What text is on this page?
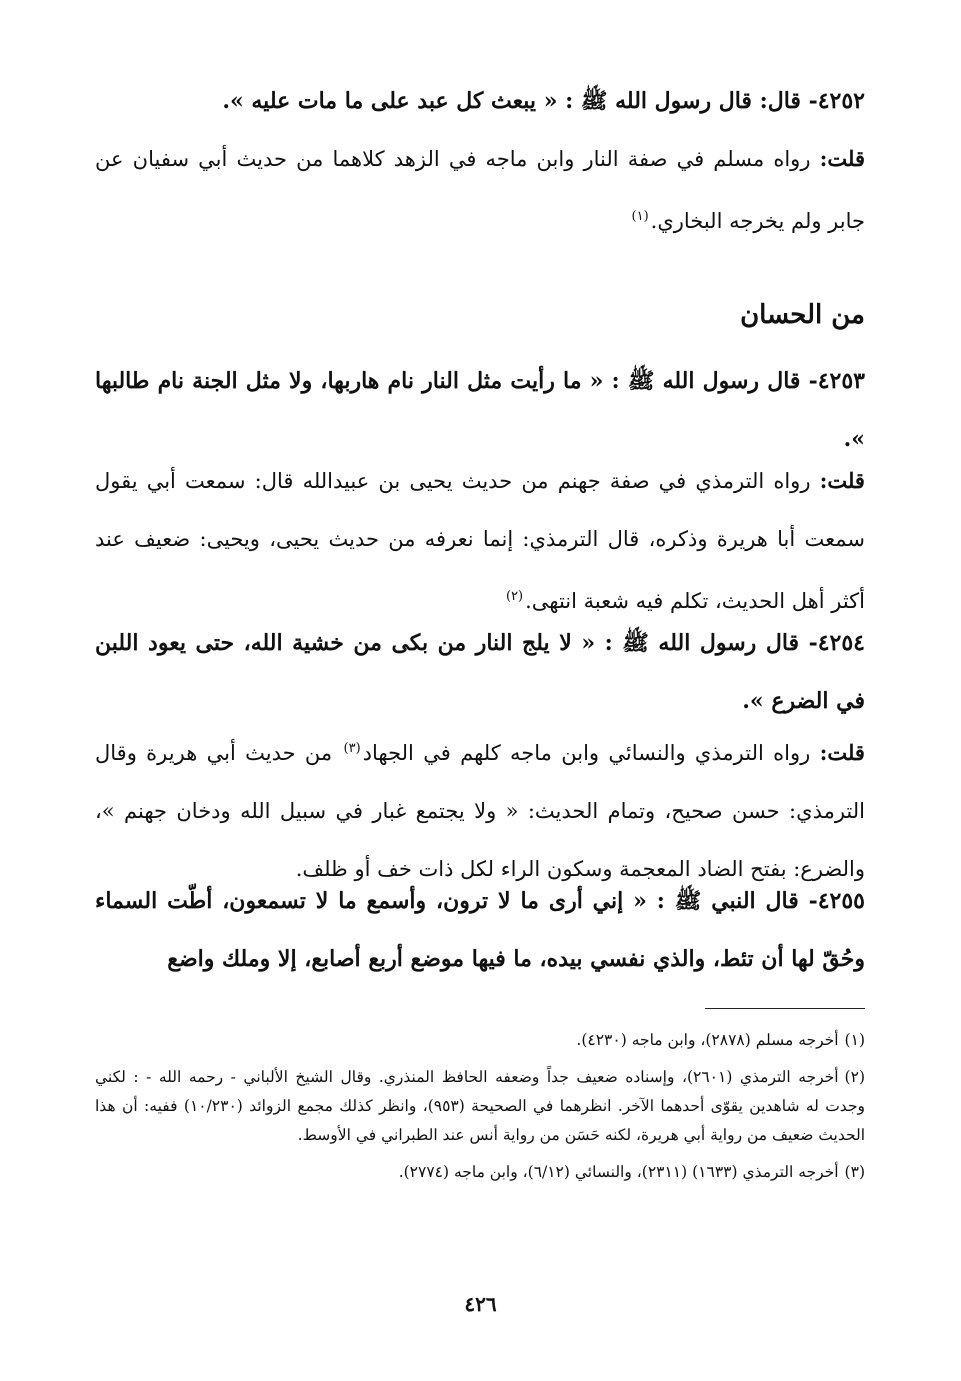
٤٢٥٢- قال: قال رسول الله ﷺ : « يبعث كل عبد على ما مات عليه ».
قلت: رواه مسلم في صفة النار وابن ماجه في الزهد كلاهما من حديث أبي سفيان عن جابر ولم يخرجه البخاري.$^{(١)}$
من الحسان
٤٢٥٣- قال رسول الله ﷺ : « ما رأيت مثل النار نام هاربها، ولا مثل الجنة نام طالبها ».
قلت: رواه الترمذي في صفة جهنم من حديث يحيى بن عبيدالله قال: سمعت أبي يقول سمعت أبا هريرة وذكره، قال الترمذي: إنما نعرفه من حديث يحيى، ويحيى: ضعيف عند أكثر أهل الحديث، تكلم فيه شعبة انتهى.$^{(٢)}$
٤٢٥٤- قال رسول الله ﷺ : « لا يلج النار من بكى من خشية الله، حتى يعود اللبن في الضرع ».
قلت: رواه الترمذي والنسائي وابن ماجه كلهم في الجهاد$^{(٣)}$ من حديث أبي هريرة وقال الترمذي: حسن صحيح، وتمام الحديث: « ولا يجتمع غبار في سبيل الله ودخان جهنم »، والضرع: بفتح الضاد المعجمة وسكون الراء لكل ذات خف أو ظلف.
٤٢٥٥- قال النبي ﷺ : « إني أرى ما لا ترون، وأسمع ما لا تسمعون، أطّت السماء وحُقّ لها أن تئط، والذي نفسي بيده، ما فيها موضع أربع أصابع، إلا وملك واضع
(١)أخرجه مسلم (٢٨٧٨)، وابن ماجه (٤٢٣٠).
(٢)أخرجه الترمذي (٢٦٠١)، وإسناده ضعيف جداً وضعفه الحافظ المنذري. وقال الشيخ الألباني - رحمه الله - : لكني وجدت له شاهدين يقوّى أحدهما الآخر. انظرهما في الصحيحة (٩٥٣)، وانظر كذلك مجمع الزوائد (١٠/٢٣٠) ففيه: أن هذا الحديث ضعيف من رواية أبي هريرة، لكنه حَسَن من رواية أنس عند الطبراني في الأوسط.
(٣)أخرجه الترمذي (١٦٣٣) (٢٣١١)، والنسائي (٦/١٢)، وابن ماجه (٢٧٧٤).
٤٢٦
